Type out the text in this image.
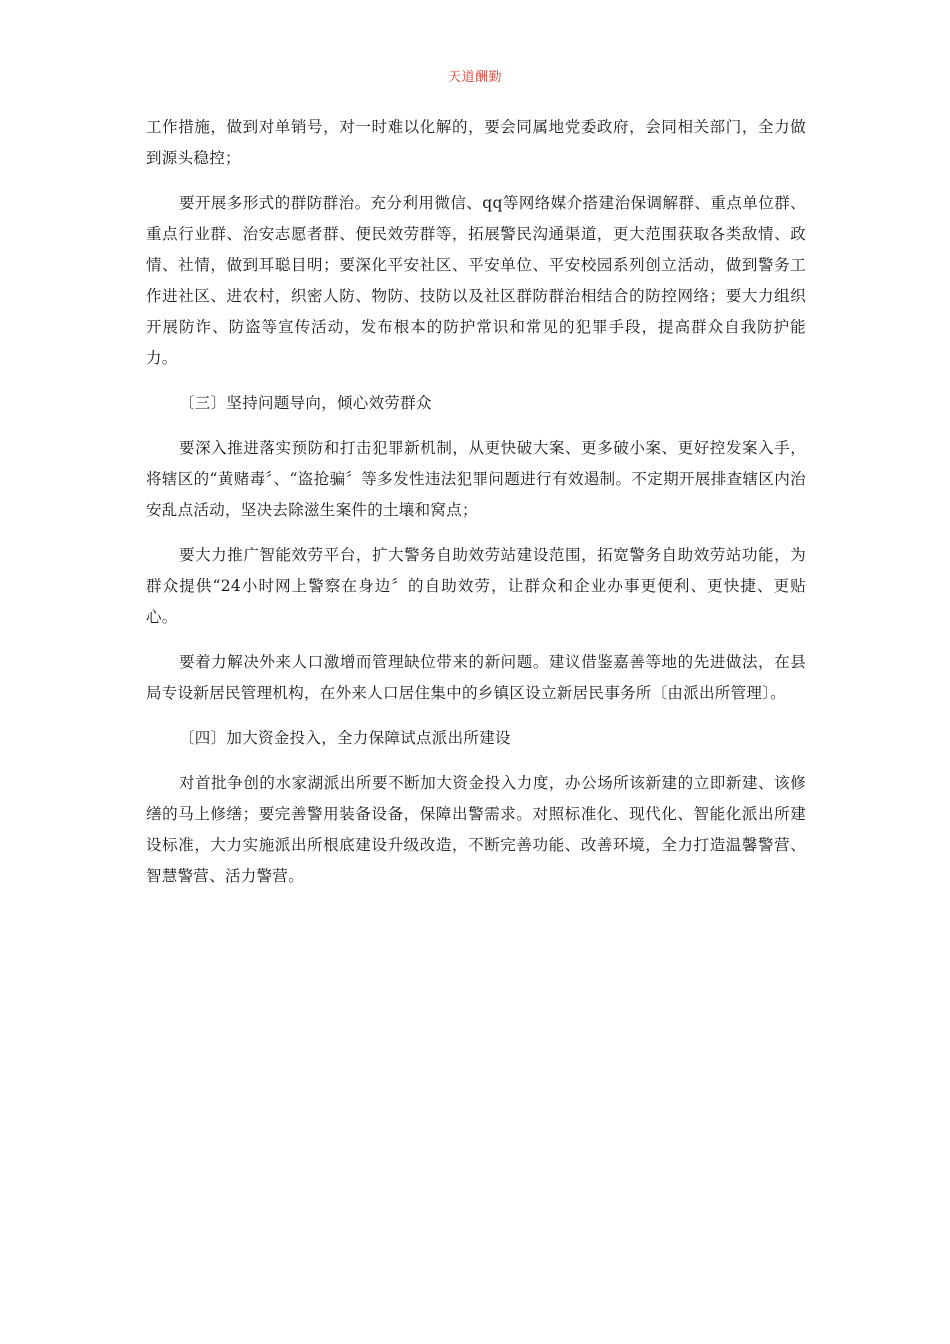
天道酬勤

工作措施，做到对单销号，对一时难以化解的，要会同属地党委政府，会同相关部门，全力做到源头稳控；

要开展多形式的群防群治。充分利用微信、qq等网络媒介搭建治保调解群、重点单位群、重点行业群、治安志愿者群、便民效劳群等，拓展警民沟通渠道，更大范围获取各类敌情、政情、社情，做到耳聪目明；要深化平安社区、平安单位、平安校园系列创立活动，做到警务工作进社区、进农村，织密人防、物防、技防以及社区群防群治相结合的防控网络；要大力组织开展防诈、防盗等宣传活动，发布根本的防护常识和常见的犯罪手段，提高群众自我防护能力。

〔三〕坚持问题导向，倾心效劳群众

要深入推进落实预防和打击犯罪新机制，从更快破大案、更多破小案、更好控发案入手，将辖区的“黄赌毒〞、“盗抢骗〞等多发性违法犯罪问题进行有效遏制。不定期开展排查辖区内治安乱点活动，坚决去除滋生案件的土壤和窝点；

要大力推广智能效劳平台，扩大警务自助效劳站建设范围，拓宽警务自助效劳站功能，为群众提供“24小时网上警察在身边〞的自助效劳，让群众和企业办事更便利、更快捷、更贴心。

要着力解决外来人口激增而管理缺位带来的新问题。建议借鉴嘉善等地的先进做法，在县局专设新居民管理机构，在外来人口居住集中的乡镇区设立新居民事务所〔由派出所管理〕。

〔四〕加大资金投入，全力保障试点派出所建设

对首批争创的水家湖派出所要不断加大资金投入力度，办公场所该新建的立即新建、该修缮的马上修缮；要完善警用装备设备，保障出警需求。对照标准化、现代化、智能化派出所建设标准，大力实施派出所根底建设升级改造，不断完善功能、改善环境，全力打造温馨警营、智慧警营、活力警营。
